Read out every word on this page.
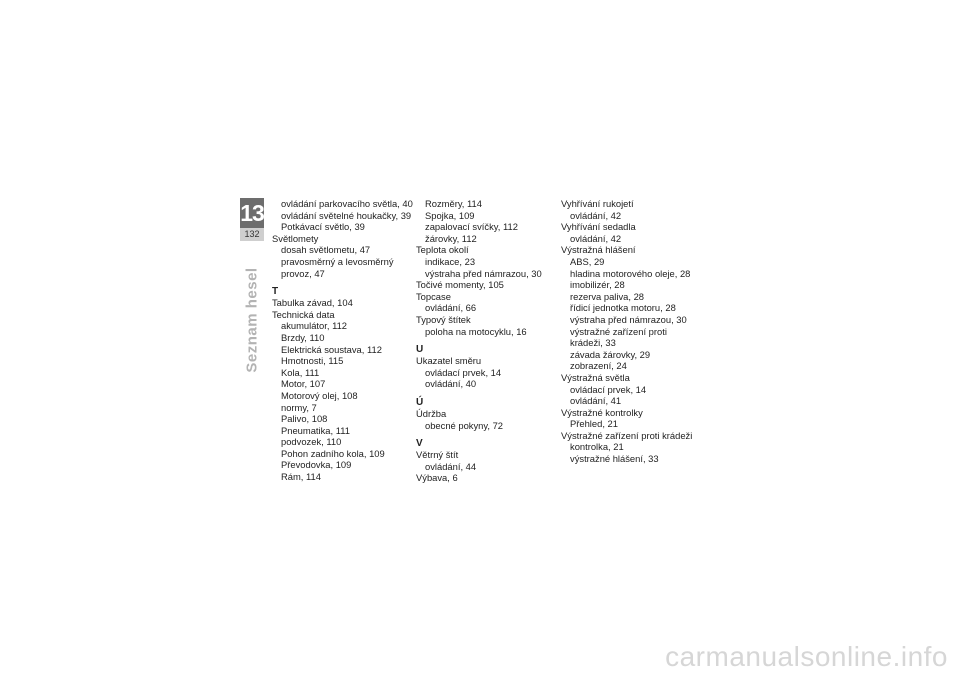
13
132
Seznam hesel
ovládání parkovacího světla, 40
ovládání světelné houkačky, 39
Potkávací světlo, 39
Světlomety
dosah světlometu, 47
pravosměrný a levosměrný
provoz, 47
T
Tabulka závad, 104
Technická data
akumulátor, 112
Brzdy, 110
Elektrická soustava, 112
Hmotnosti, 115
Kola, 111
Motor, 107
Motorový olej, 108
normy, 7
Palivo, 108
Pneumatika, 111
podvozek, 110
Pohon zadního kola, 109
Převodovka, 109
Rám, 114
Rozměry, 114
Spojka, 109
zapalovací svíčky, 112
žárovky, 112
Teplota okolí
indikace, 23
výstraha před námrazou, 30
Točivé momenty, 105
Topcase
ovládání, 66
Typový štítek
poloha na motocyklu, 16
U
Ukazatel směru
ovládací prvek, 14
ovládání, 40
Ú
Údržba
obecné pokyny, 72
V
Větrný štít
ovládání, 44
Výbava, 6
Vyhřívání rukojetí
ovládání, 42
Vyhřívání sedadla
ovládání, 42
Výstražná hlášení
ABS, 29
hladina motorového oleje, 28
imobilizér, 28
rezerva paliva, 28
řídicí jednotka motoru, 28
výstraha před námrazou, 30
výstražné zařízení proti
krádeži, 33
závada žárovky, 29
zobrazení, 24
Výstražná světla
ovládací prvek, 14
ovládání, 41
Výstražné kontrolky
Přehled, 21
Výstražné zařízení proti krádeži
kontrolka, 21
výstražné hlášení, 33
carmanualsonline.info
